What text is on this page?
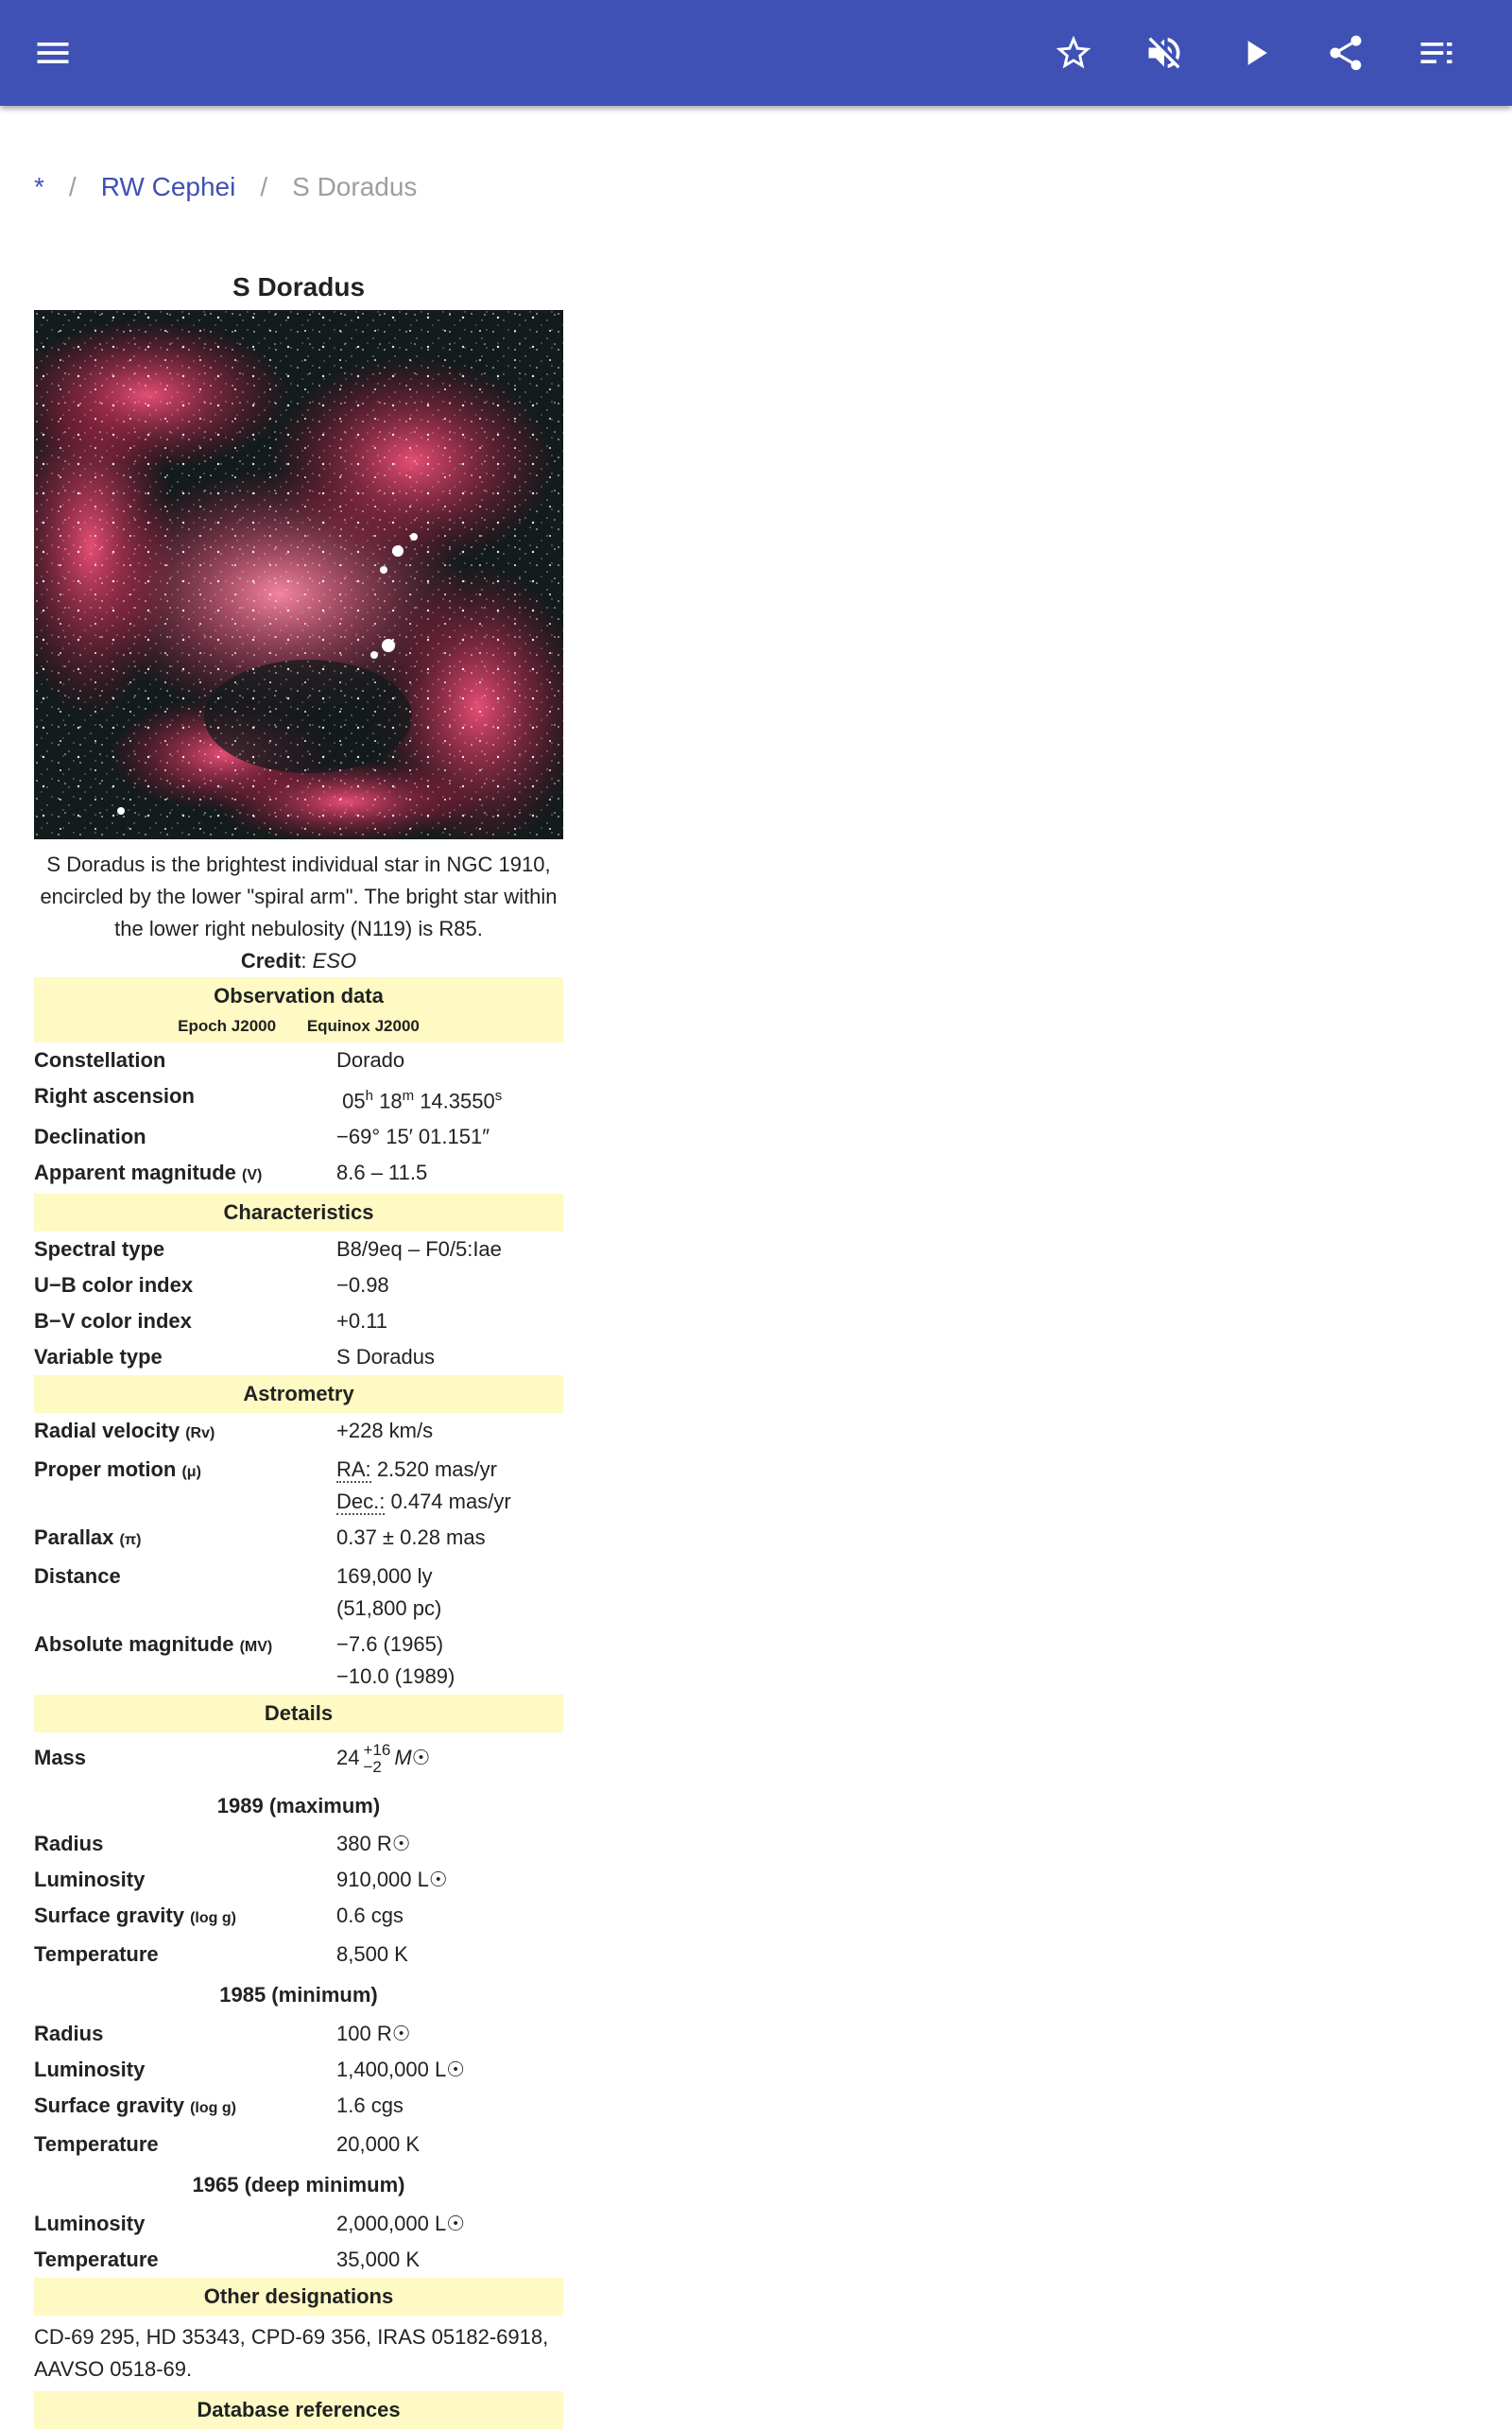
* / RW Cephei / S Doradus
S Doradus
S Doradus is the brightest individual star in NGC 1910, encircled by the lower "spiral arm". The bright star within the lower right nebulosity (N119) is R85.
Credit: ESO
Observation data
Epoch J2000 Equinox J2000
Constellation	Dorado
Right ascension	05$^h$ 18$^m$ 14.3550$^s$
Declination	−69° 15′ 01.151″
Apparent magnitude (V)	8.6 – 11.5
Characteristics
Spectral type	B8/9eq – F0/5:Iae
U−B color index	−0.98
B−V color index	+0.11
Variable type	S Doradus
Astrometry
Radial velocity (Rv)	+228 km/s
Proper motion (μ)	RA: 2.520 mas/yr
Dec.: 0.474 mas/yr
Parallax (π)	0.37 ± 0.28 mas
Distance	169,000 ly
(51,800 pc)
Absolute magnitude (MV)	−7.6 (1965)
−10.0 (1989)
Details
Mass	24 +16
−2 M☉
1989 (maximum)
Radius	380 R☉
Luminosity	910,000 L☉
Surface gravity (log g)	0.6 cgs
Temperature	8,500 K
1985 (minimum)
Radius	100 R☉
Luminosity	1,400,000 L☉
Surface gravity (log g)	1.6 cgs
Temperature	20,000 K
1965 (deep minimum)
Luminosity	2,000,000 L☉
Temperature	35,000 K
Other designations
CD-69 295, HD 35343, CPD-69 356, IRAS 05182-6918, AAVSO 0518-69.
Database references
